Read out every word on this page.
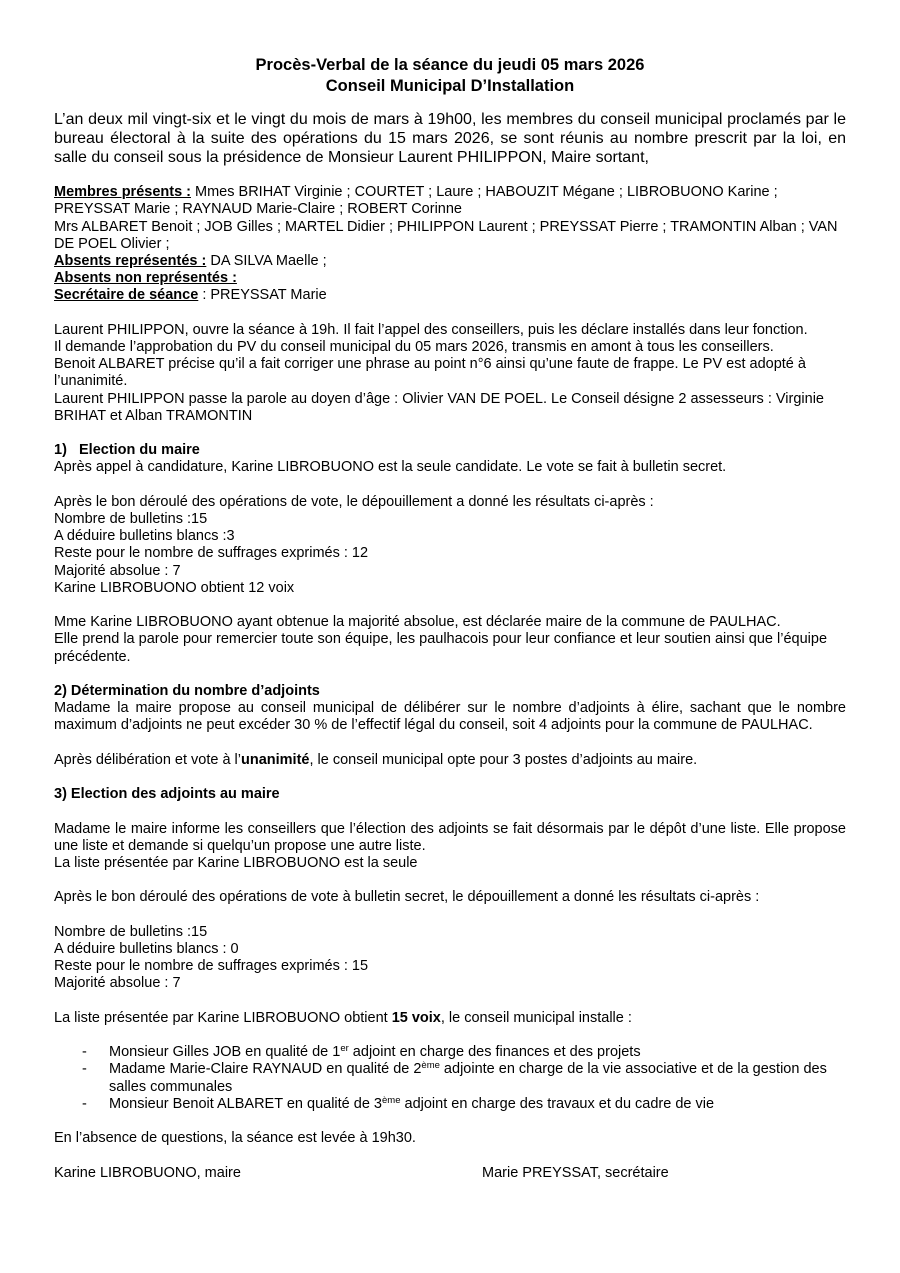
Procès-Verbal de la séance du jeudi 05 mars 2026
Conseil Municipal D’Installation

L’an deux mil vingt-six et le vingt du mois de mars à 19h00, les membres du conseil municipal proclamés par le bureau électoral à la suite des opérations du 15 mars 2026, se sont réunis au nombre prescrit par la loi, en salle du conseil sous la présidence de Monsieur Laurent PHILIPPON, Maire sortant,

Membres présents : Mmes BRIHAT Virginie ; COURTET ; Laure ; HABOUZIT Mégane ; LIBROBUONO Karine ; PREYSSAT Marie ; RAYNAUD Marie-Claire ; ROBERT Corinne

Mrs ALBARET Benoit ; JOB Gilles ; MARTEL Didier ; PHILIPPON Laurent ; PREYSSAT Pierre ; TRAMONTIN Alban ; VAN DE POEL Olivier ;

Absents représentés : DA SILVA Maelle ;

Absents non représentés :

Secrétaire de séance : PREYSSAT Marie

Laurent PHILIPPON, ouvre la séance à 19h. Il fait l’appel des conseillers, puis les déclare installés dans leur fonction.

Il demande l’approbation du PV du conseil municipal du 05 mars 2026, transmis en amont à tous les conseillers.

Benoit ALBARET précise qu’il a fait corriger une phrase au point n°6 ainsi qu’une faute de frappe. Le PV est adopté à l’unanimité.

Laurent PHILIPPON passe la parole au doyen d’âge : Olivier VAN DE POEL. Le Conseil désigne 2 assesseurs : Virginie BRIHAT et Alban TRAMONTIN

1) Election du maire

Après appel à candidature, Karine LIBROBUONO est la seule candidate. Le vote se fait à bulletin secret.

Après le bon déroulé des opérations de vote, le dépouillement a donné les résultats ci-après :

Nombre de bulletins :15

A déduire bulletins blancs :3

Reste pour le nombre de suffrages exprimés : 12

Majorité absolue : 7

Karine LIBROBUONO obtient 12 voix

Mme Karine LIBROBUONO ayant obtenue la majorité absolue, est déclarée maire de la commune de PAULHAC.

Elle prend la parole pour remercier toute son équipe, les paulhacois pour leur confiance et leur soutien ainsi que l’équipe précédente.

2) Détermination du nombre d’adjoints

Madame la maire propose au conseil municipal de délibérer sur le nombre d’adjoints à élire, sachant que le nombre maximum d’adjoints ne peut excéder 30 % de l’effectif légal du conseil, soit 4 adjoints pour la commune de PAULHAC.

Après délibération et vote à l’unanimité, le conseil municipal opte pour 3 postes d’adjoints au maire.

3) Election des adjoints au maire

Madame le maire informe les conseillers que l’élection des adjoints se fait désormais par le dépôt d’une liste. Elle propose une liste et demande si quelqu’un propose une autre liste.

La liste présentée par Karine LIBROBUONO est la seule

Après le bon déroulé des opérations de vote à bulletin secret, le dépouillement a donné les résultats ci-après :

Nombre de bulletins :15

A déduire bulletins blancs : 0

Reste pour le nombre de suffrages exprimés : 15

Majorité absolue : 7

La liste présentée par Karine LIBROBUONO obtient 15 voix, le conseil municipal installe :

- Monsieur Gilles JOB en qualité de 1er adjoint en charge des finances et des projets
- Madame Marie-Claire RAYNAUD en qualité de 2ème adjointe en charge de la vie associative et de la gestion des salles communales
- Monsieur Benoit ALBARET en qualité de 3ème adjoint en charge des travaux et du cadre de vie

En l’absence de questions, la séance est levée à 19h30.

Karine LIBROBUONO, maire	Marie PREYSSAT, secrétaire
